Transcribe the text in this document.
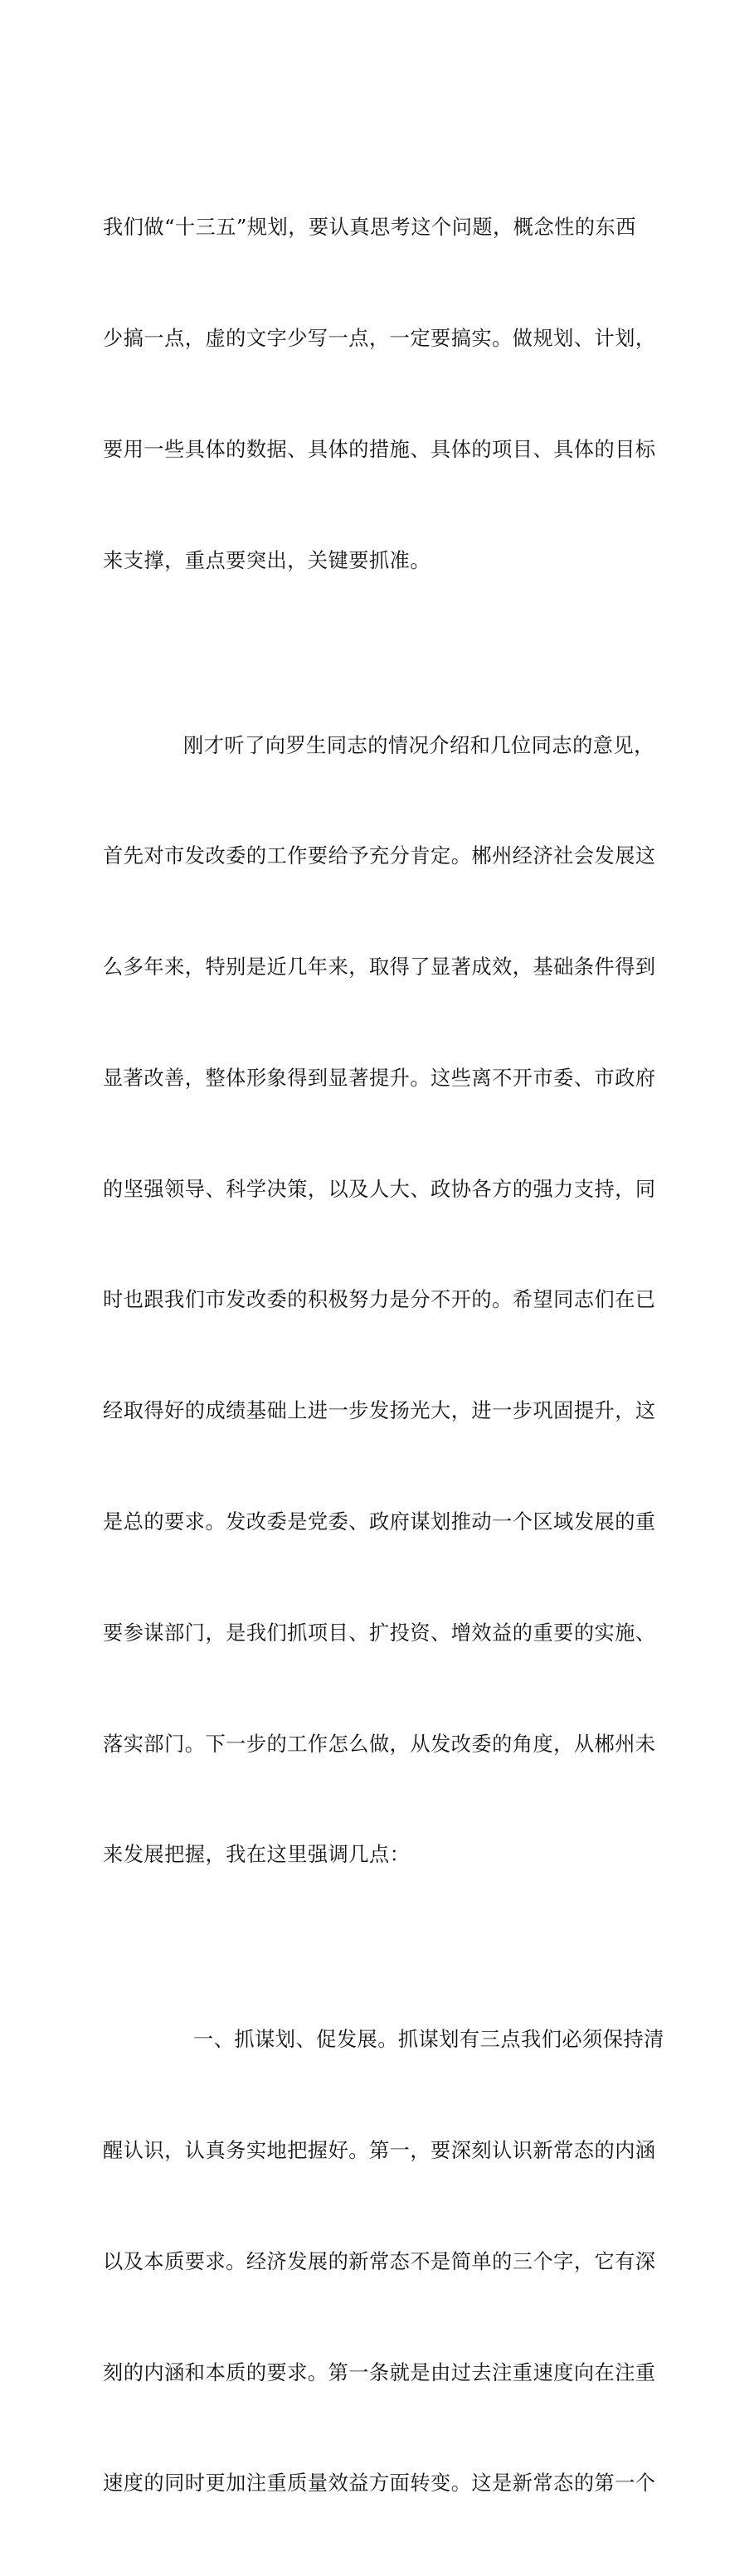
我们做“十三五”规划，要认真思考这个问题，概念性的东西

少搞一点，虚的文字少写一点，一定要搞实。做规划、计划，

要用一些具体的数据、具体的措施、具体的项目、具体的目标

来支撑，重点要突出，关键要抓准。

刚才听了向罗生同志的情况介绍和几位同志的意见，

首先对市发改委的工作要给予充分肯定。郴州经济社会发展这

么多年来，特别是近几年来，取得了显著成效，基础条件得到

显著改善，整体形象得到显著提升。这些离不开市委、市政府

的坚强领导、科学决策，以及人大、政协各方的强力支持，同

时也跟我们市发改委的积极努力是分不开的。希望同志们在已

经取得好的成绩基础上进一步发扬光大，进一步巩固提升，这

是总的要求。发改委是党委、政府谋划推动一个区域发展的重

要参谋部门，是我们抓项目、扩投资、增效益的重要的实施、

落实部门。下一步的工作怎么做，从发改委的角度，从郴州未

来发展把握，我在这里强调几点：

一、抓谋划、促发展。抓谋划有三点我们必须保持清

醒认识，认真务实地把握好。第一，要深刻认识新常态的内涵

以及本质要求。经济发展的新常态不是简单的三个字，它有深

刻的内涵和本质的要求。第一条就是由过去注重速度向在注重

速度的同时更加注重质量效益方面转变。这是新常态的第一个
